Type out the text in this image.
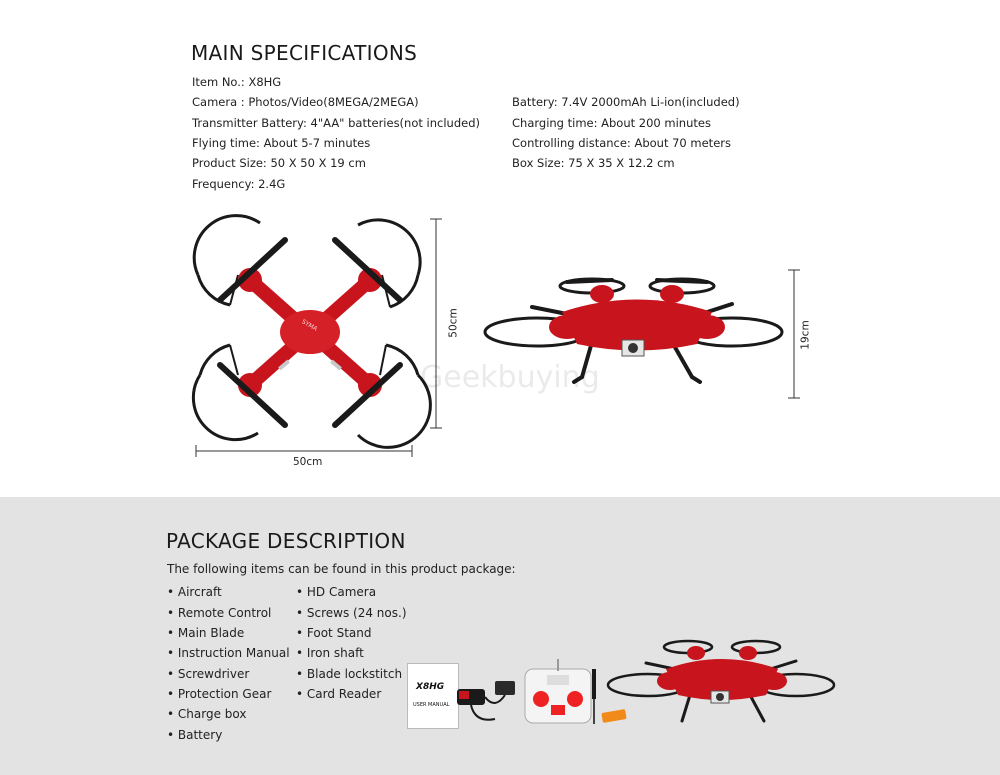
MAIN SPECIFICATIONS
Item No.: X8HG
Camera : Photos/Video(8MEGA/2MEGA)
Transmitter Battery: 4"AA" batteries(not included)
Flying time: About 5-7 minutes
Product Size: 50 X 50 X 19 cm
Frequency: 2.4G
Battery: 7.4V 2000mAh Li-ion(included)
Charging time: About 200 minutes
Controlling distance: About 70 meters
Box Size: 75 X 35 X 12.2 cm
SYMA	50cm
50cm
Geekbuying
19cm
PACKAGE DESCRIPTION
The following items can be found in this product package:
• Aircraft
• Remote Control
• Main Blade
• Instruction Manual
• Screwdriver
• Protection Gear
• Charge box
• Battery
• HD Camera
• Screws (24 nos.)
• Foot Stand
• Iron shaft
• Blade lockstitch
• Card Reader	X8HG
USER MANUAL
